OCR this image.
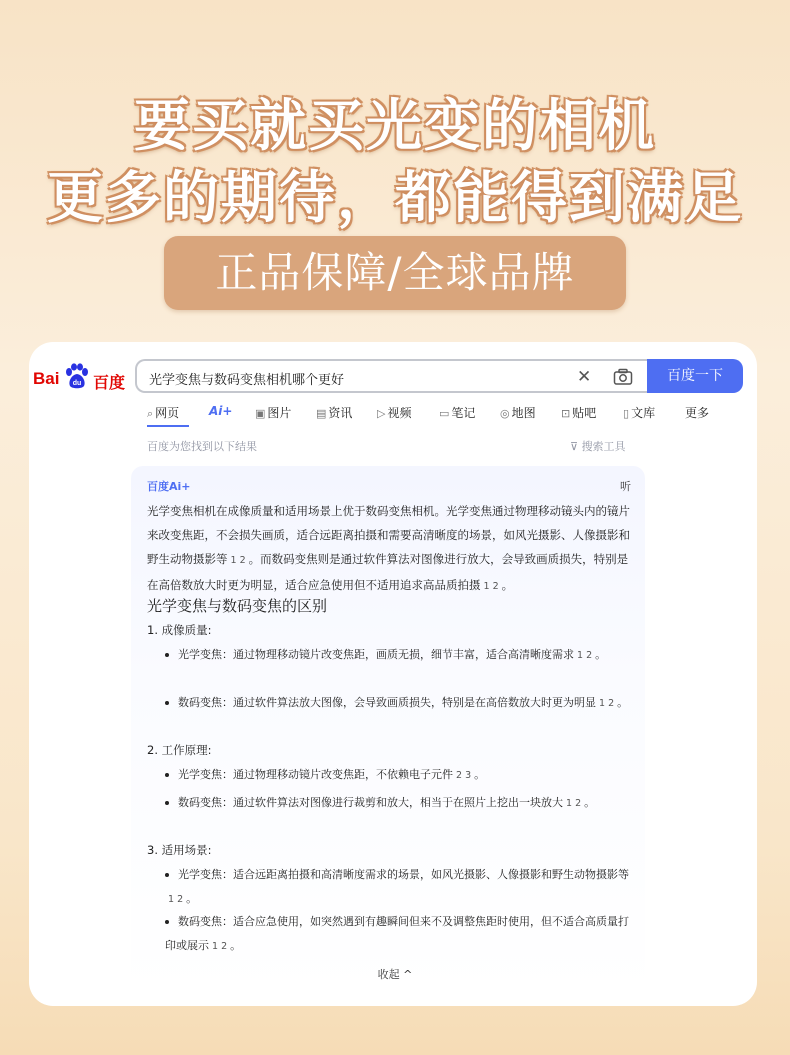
要买就买光变的相机
更多的期待，都能得到满足
正品保障/全球品牌
Bai du 百度 光学变焦与数码变焦相机哪个更好	✕	百度一下
⌕ 网页 Ai+ ▣ 图片 ▤ 资讯 ▷ 视频	▭ 笔记 ◎ 地图 ⊡ 贴吧 ▯ 文库 更多
百度为您找到以下结果	⊽ 搜索工具
百度Ai+	听
光学变焦相机在成像质量和适用场景上优于数码变焦相机。光学变焦通过物理移动镜头内的镜片来改变焦距，不会损失画质，适合远距离拍摄和需要高清晰度的场景，如风光摄影、人像摄影和野生动物摄影等 1 2 。而数码变焦则是通过软件算法对图像进行放大，会导致画质损失，特别是在高倍数放大时更为明显，适合应急使用但不适用追求高品质拍摄 1 2 。
光学变焦与数码变焦的区别
1. 成像质量:
光学变焦：通过物理移动镜片改变焦距，画质无损，细节丰富，适合高清晰度需求 1 2 。
数码变焦：通过软件算法放大图像，会导致画质损失，特别是在高倍数放大时更为明显 1 2 。
2. 工作原理:
光学变焦：通过物理移动镜片改变焦距，不依赖电子元件 2 3 。
数码变焦：通过软件算法对图像进行裁剪和放大，相当于在照片上挖出一块放大 1 2 。
3. 适用场景:
光学变焦：适合远距离拍摄和高清晰度需求的场景，如风光摄影、人像摄影和野生动物摄影等1 2 。
数码变焦：适合应急使用，如突然遇到有趣瞬间但来不及调整焦距时使用，但不适合高质量打印或展示 1 2 。
收起 ^
